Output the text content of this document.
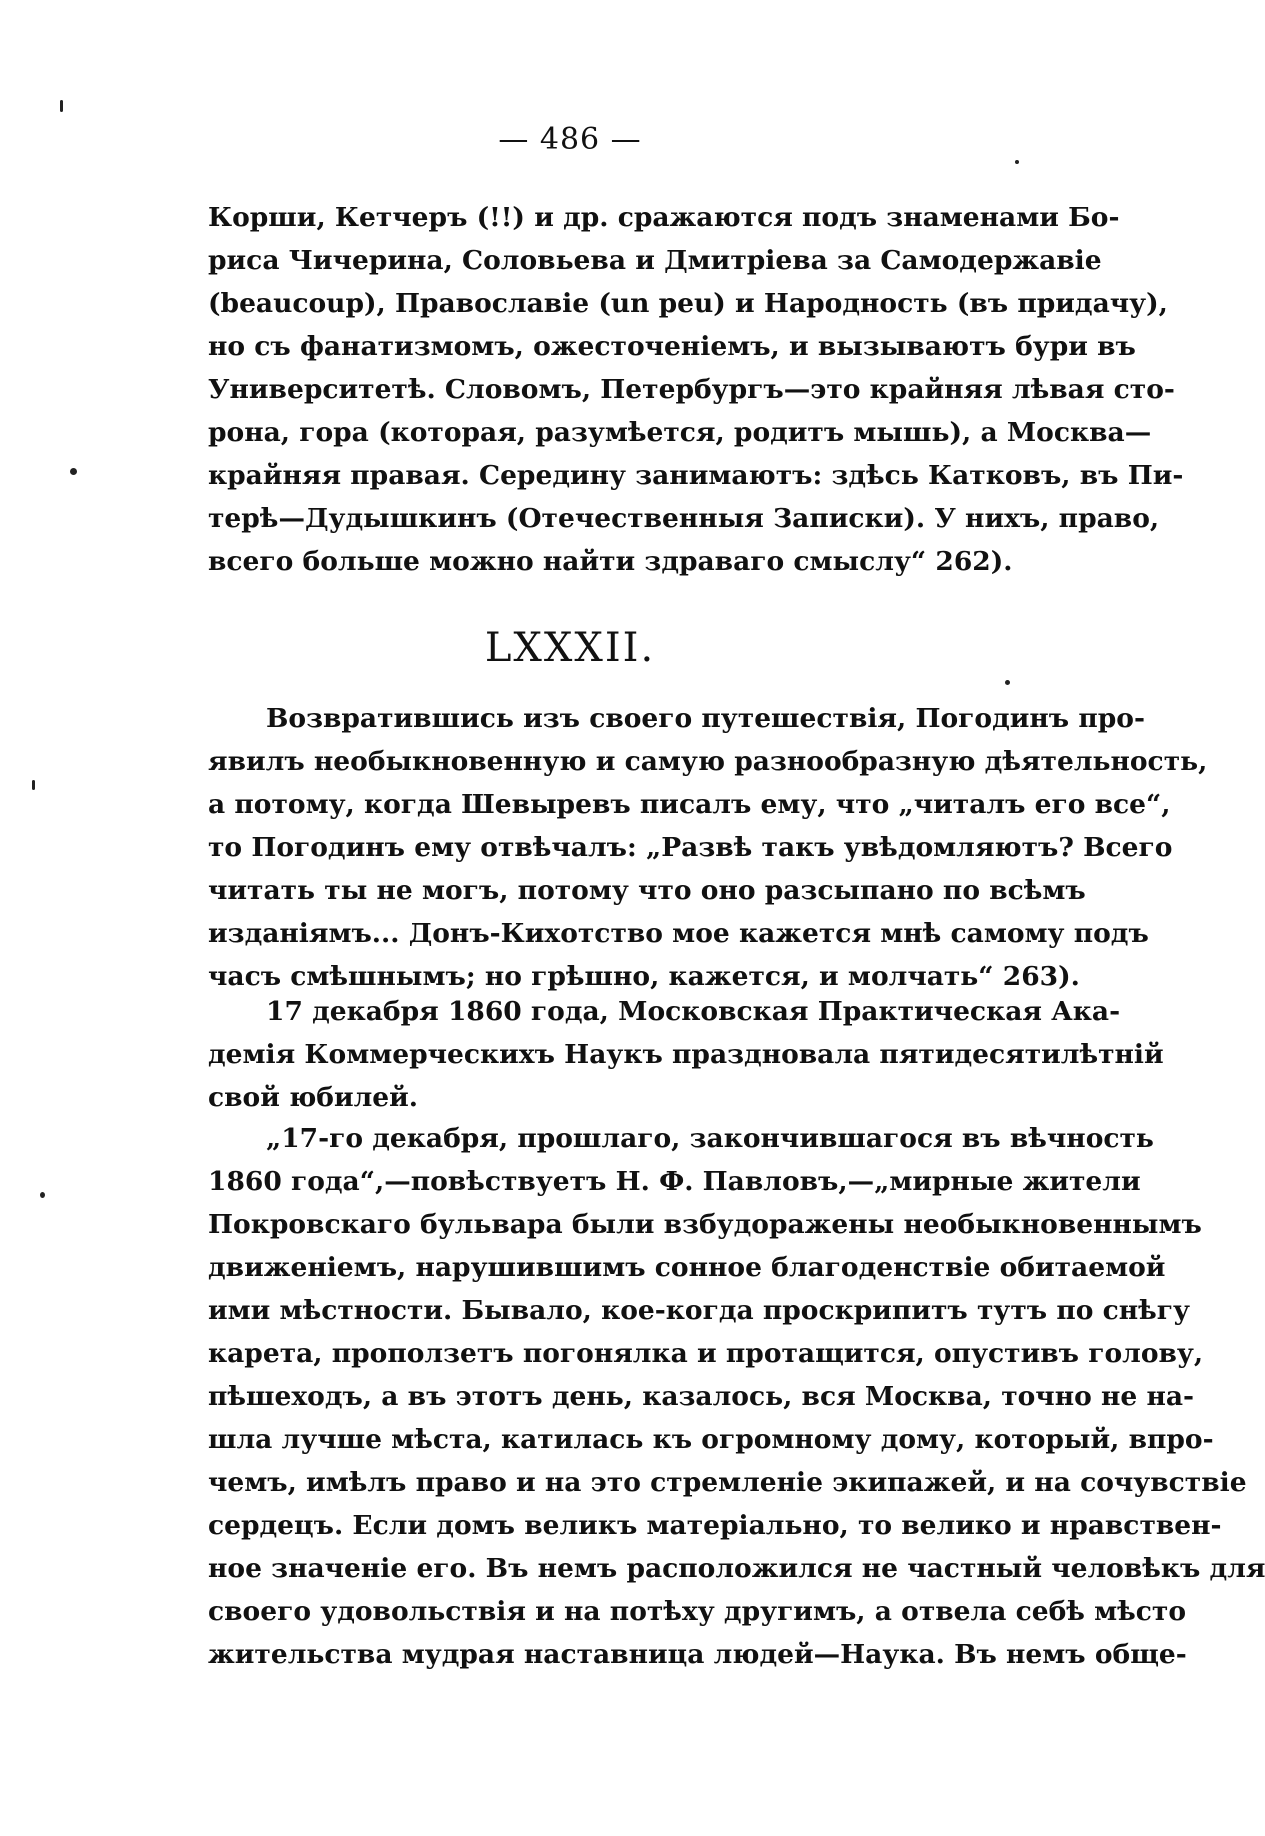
— 486 —
Корши, Кетчеръ (!!) и др. сражаются подъ знаменами Бо-
риса Чичерина, Соловьева и Дмитріева за Самодержавіе
(beaucoup), Православіе (un peu) и Народность (въ придачу),
но съ фанатизмомъ, ожесточеніемъ, и вызываютъ бури въ
Университетѣ. Словомъ, Петербургъ—это крайняя лѣвая сто-
рона, гора (которая, разумѣется, родитъ мышь), а Москва—
крайняя правая. Середину занимаютъ: здѣсь Катковъ, въ Пи-
терѣ—Дудышкинъ (Отечественныя Записки). У нихъ, право,
всего больше можно найти здраваго смыслу“ 262).
LXXXII.
Возвратившись изъ своего путешествія, Погодинъ про-
явилъ необыкновенную и самую разнообразную дѣятельность,
а потому, когда Шевыревъ писалъ ему, что „читалъ его все“,
то Погодинъ ему отвѣчалъ: „Развѣ такъ увѣдомляютъ? Всего
читать ты не могъ, потому что оно разсыпано по всѣмъ
изданіямъ... Донъ-Кихотство мое кажется мнѣ самому подъ
часъ смѣшнымъ; но грѣшно, кажется, и молчать“ 263).
17 декабря 1860 года, Московская Практическая Ака-
демія Коммерческихъ Наукъ праздновала пятидесятилѣтній
свой юбилей.
„17-го декабря, прошлаго, закончившагося въ вѣчность
1860 года“,—повѣствуетъ Н. Ф. Павловъ,—„мирные жители
Покровскаго бульвара были взбудоражены необыкновеннымъ
движеніемъ, нарушившимъ сонное благоденствіе обитаемой
ими мѣстности. Бывало, кое-когда проскрипитъ тутъ по снѣгу
карета, проползетъ погонялка и протащится, опустивъ голову,
пѣшеходъ, а въ этотъ день, казалось, вся Москва, точно не на-
шла лучше мѣста, катилась къ огромному дому, который, впро-
чемъ, имѣлъ право и на это стремленіе экипажей, и на сочувствіе
сердецъ. Если домъ великъ матеріально, то велико и нравствен-
ное значеніе его. Въ немъ расположился не частный человѣкъ для
своего удовольствія и на потѣху другимъ, а отвела себѣ мѣсто
жительства мудрая наставница людей—Наука. Въ немъ обще-
